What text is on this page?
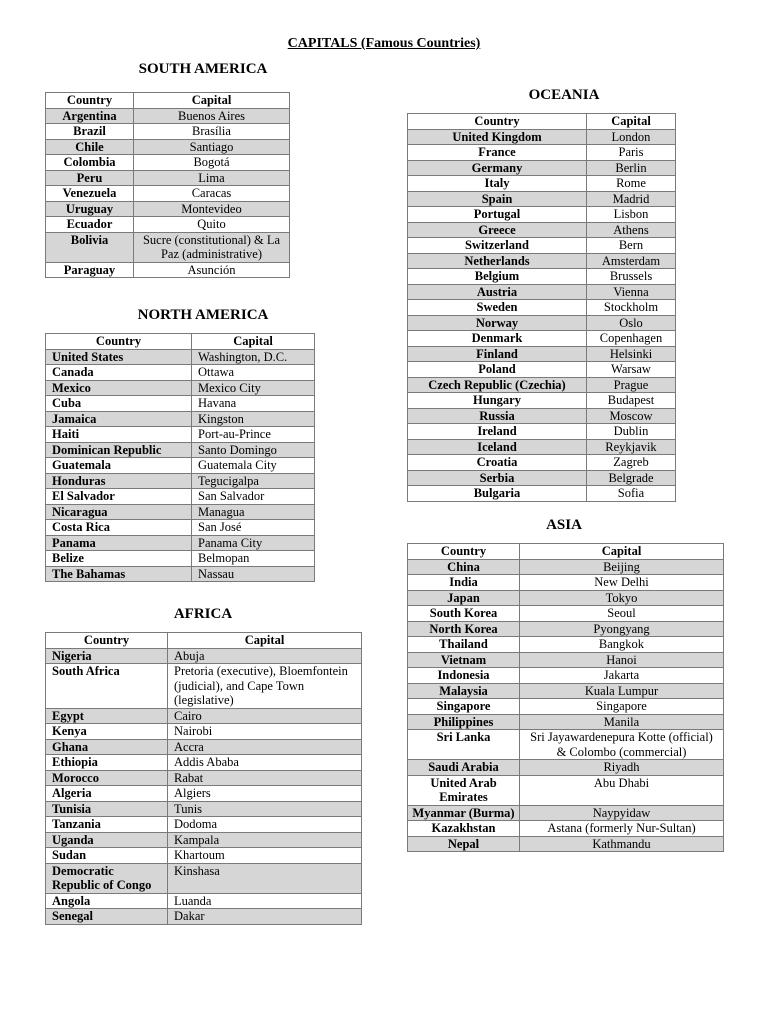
CAPITALS (Famous Countries)
SOUTH AMERICA
Country	Capital
Argentina	Buenos Aires
Brazil	Brasília
Chile	Santiago
Colombia	Bogotá
Peru	Lima
Venezuela	Caracas
Uruguay	Montevideo
Ecuador	Quito
Bolivia	Sucre (constitutional) & La Paz (administrative)
Paraguay	Asunción
NORTH AMERICA
Country	Capital
United States	Washington, D.C.
Canada	Ottawa
Mexico	Mexico City
Cuba	Havana
Jamaica	Kingston
Haiti	Port-au-Prince
Dominican Republic	Santo Domingo
Guatemala	Guatemala City
Honduras	Tegucigalpa
El Salvador	San Salvador
Nicaragua	Managua
Costa Rica	San José
Panama	Panama City
Belize	Belmopan
The Bahamas	Nassau
AFRICA
Country	Capital
Nigeria	Abuja
South Africa	Pretoria (executive), Bloemfontein (judicial), and Cape Town (legislative)
Egypt	Cairo
Kenya	Nairobi
Ghana	Accra
Ethiopia	Addis Ababa
Morocco	Rabat
Algeria	Algiers
Tunisia	Tunis
Tanzania	Dodoma
Uganda	Kampala
Sudan	Khartoum
Democratic Republic of Congo	Kinshasa
Angola	Luanda
Senegal	Dakar
OCEANIA
Country	Capital
United Kingdom	London
France	Paris
Germany	Berlin
Italy	Rome
Spain	Madrid
Portugal	Lisbon
Greece	Athens
Switzerland	Bern
Netherlands	Amsterdam
Belgium	Brussels
Austria	Vienna
Sweden	Stockholm
Norway	Oslo
Denmark	Copenhagen
Finland	Helsinki
Poland	Warsaw
Czech Republic (Czechia)	Prague
Hungary	Budapest
Russia	Moscow
Ireland	Dublin
Iceland	Reykjavik
Croatia	Zagreb
Serbia	Belgrade
Bulgaria	Sofia
ASIA
Country	Capital
China	Beijing
India	New Delhi
Japan	Tokyo
South Korea	Seoul
North Korea	Pyongyang
Thailand	Bangkok
Vietnam	Hanoi
Indonesia	Jakarta
Malaysia	Kuala Lumpur
Singapore	Singapore
Philippines	Manila
Sri Lanka	Sri Jayawardenepura Kotte (official) & Colombo (commercial)
Saudi Arabia	Riyadh
United Arab Emirates	Abu Dhabi
Myanmar (Burma)	Naypyidaw
Kazakhstan	Astana (formerly Nur-Sultan)
Nepal	Kathmandu
